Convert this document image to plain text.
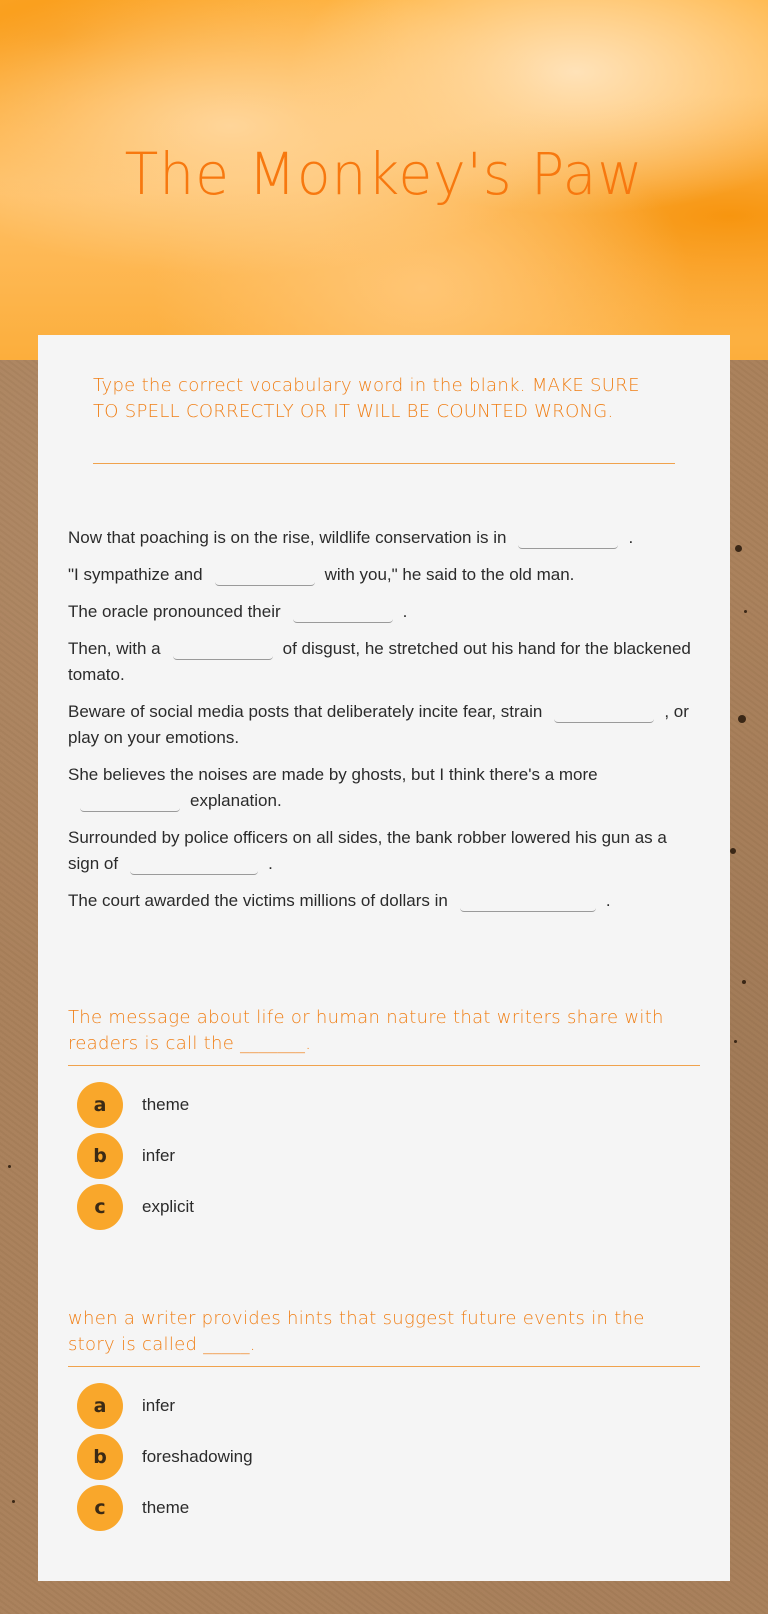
The Monkey's Paw
Type the correct vocabulary word in the blank. MAKE SURE TO SPELL CORRECTLY OR IT WILL BE COUNTED WRONG.
Now that poaching is on the rise, wildlife conservation is in	.
"I sympathize and	with you," he said to the old man.
The oracle pronounced their	.
Then, with a	of disgust, he stretched out his hand for the blackened tomato.
Beware of social media posts that deliberately incite fear, strain	, or play on your emotions.
She believes the noises are made by ghosts, but I think there's a moreexplanation.
Surrounded by police officers on all sides, the bank robber lowered his gun as a sign of	.
The court awarded the victims millions of dollars in	.
The message about life or human nature that writers share with readers is call the _______.
a	theme
b	infer
c	explicit
when a writer provides hints that suggest future events in the story is called _____.
a	infer
b	foreshadowing
c	theme
